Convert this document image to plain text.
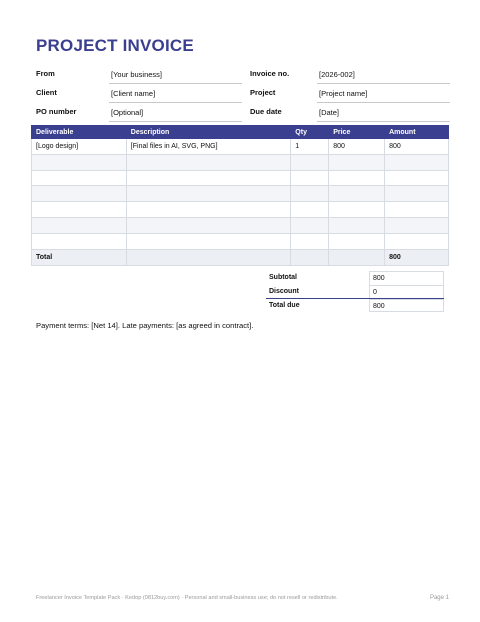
PROJECT INVOICE
From	[Your business]	Invoice no.	[2026-002]
Client	[Client name]	Project	[Project name]
PO number	[Optional]	Due date	[Date]
Deliverable	Description	Qty	Price	Amount
[Logo design]	[Final files in AI, SVG, PNG]	1	800	800

Total				800
Subtotal	800
Discount	0
Total due	800
Payment terms: [Net 14]. Late payments: [as agreed in contract].
Freelancer Invoice Template Pack · Kedop (0812buy.com) · Personal and small-business use; do not resell or redistribute.	Page 1
